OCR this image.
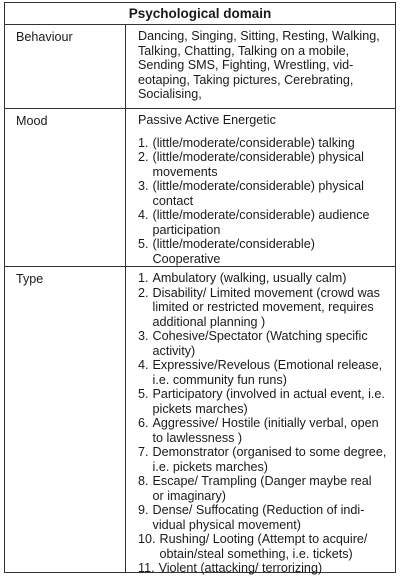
Psychological domain
Behaviour	Dancing, Singing, Sitting, Resting, Walking,
Talking, Chatting, Talking on a mobile,
Sending SMS, Fighting, Wrestling, vid-
eotaping, Taking pictures, Cerebrating,
Socialising,
Mood	Passive Active Energetic
1. (little/moderate/considerable) talking
2. (little/moderate/considerable) physical
movements
3. (little/moderate/considerable) physical
contact
4. (little/moderate/considerable) audience
participation
5. (little/moderate/considerable)
Cooperative
Type	1. Ambulatory (walking, usually calm)
2. Disability/ Limited movement (crowd was
limited or restricted movement, requires
additional planning )
3. Cohesive/Spectator (Watching specific
activity)
4. Expressive/Revelous (Emotional release,
i.e. community fun runs)
5. Participatory (involved in actual event, i.e.
pickets marches)
6. Aggressive/ Hostile (initially verbal, open
to lawlessness )
7. Demonstrator (organised to some degree,
i.e. pickets marches)
8. Escape/ Trampling (Danger maybe real
or imaginary)
9. Dense/ Suffocating (Reduction of indi-
vidual physical movement)
10. Rushing/ Looting (Attempt to acquire/
obtain/steal something, i.e. tickets)
11. Violent (attacking/ terrorizing)
